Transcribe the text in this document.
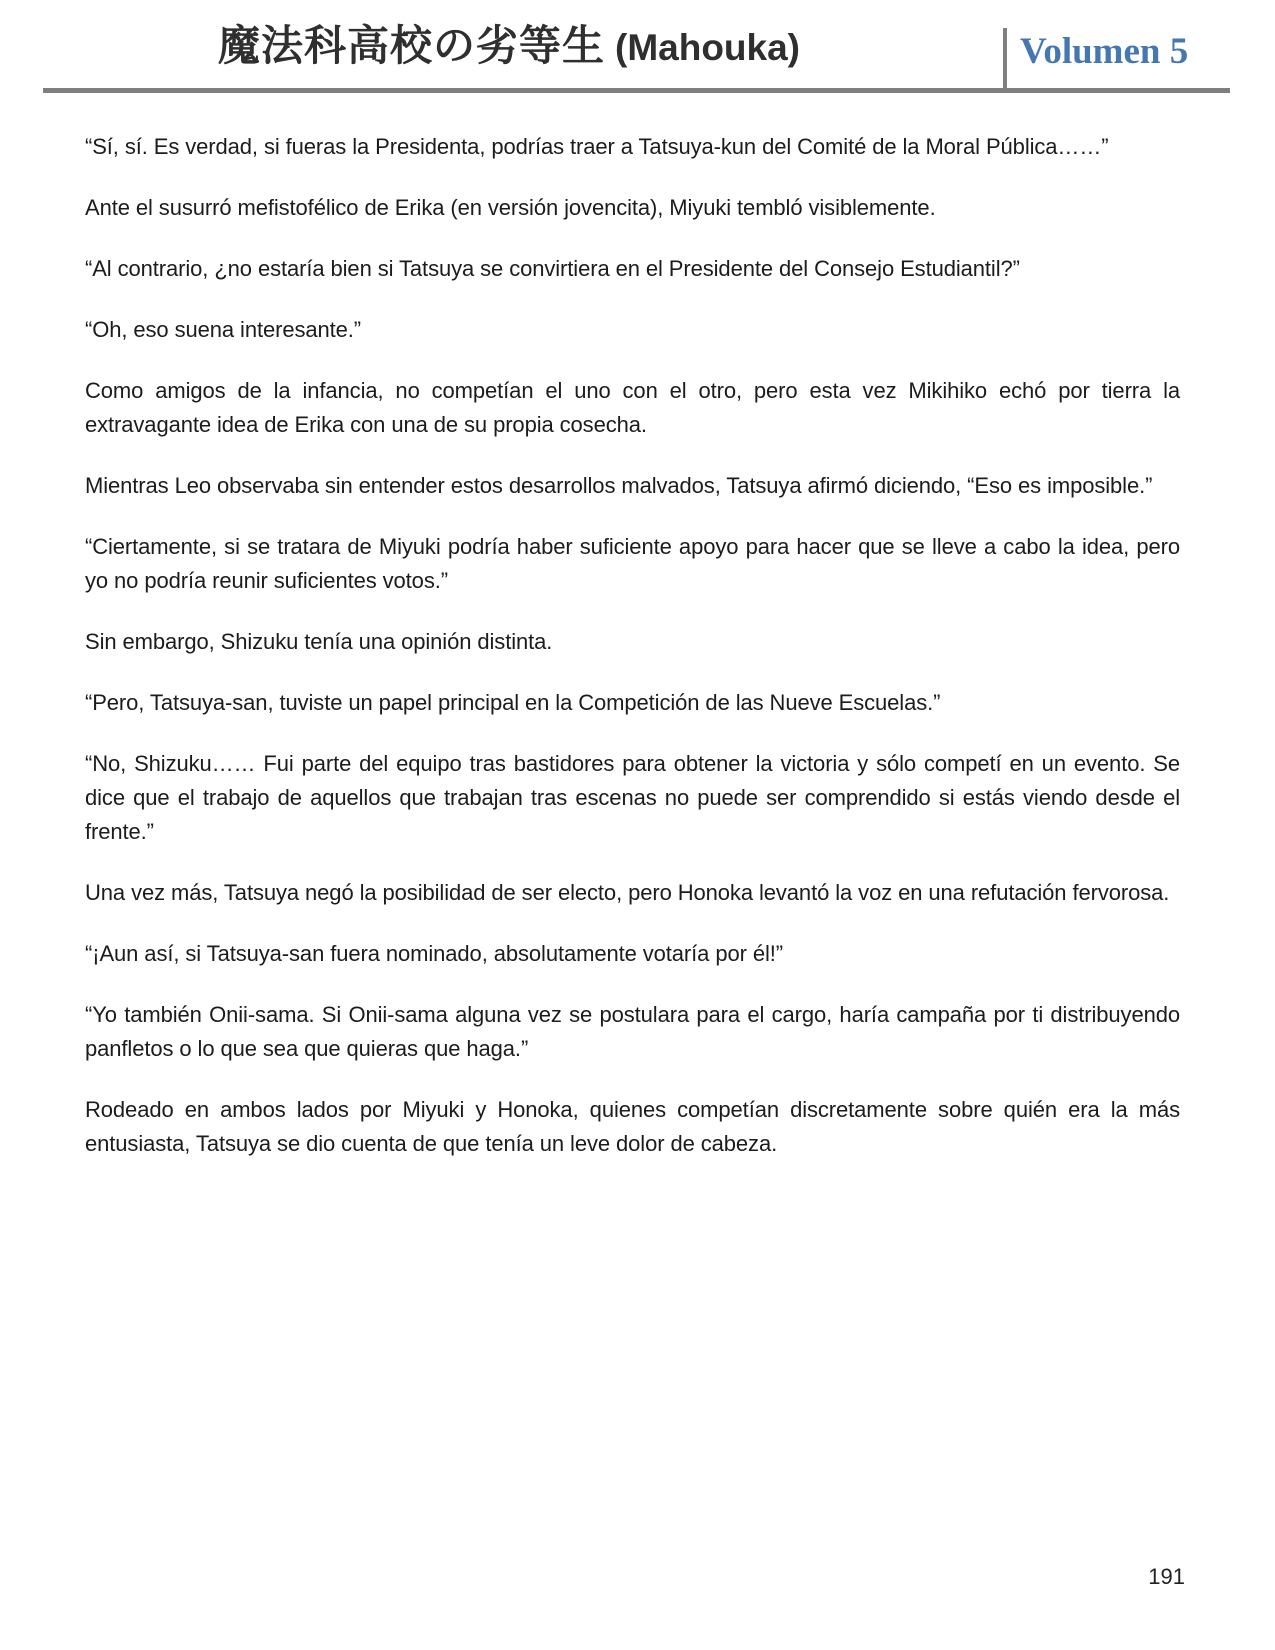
魔法科高校の劣等生 (Mahouka)	Volumen 5

“Sí, sí. Es verdad, si fueras la Presidenta, podrías traer a Tatsuya-kun del Comité de la Moral Pública……”

Ante el susurró mefistofélico de Erika (en versión jovencita), Miyuki tembló visiblemente.

“Al contrario, ¿no estaría bien si Tatsuya se convirtiera en el Presidente del Consejo Estudiantil?”

“Oh, eso suena interesante.”

Como amigos de la infancia, no competían el uno con el otro, pero esta vez Mikihiko echó por tierra la extravagante idea de Erika con una de su propia cosecha.

Mientras Leo observaba sin entender estos desarrollos malvados, Tatsuya afirmó diciendo, “Eso es imposible.”

“Ciertamente, si se tratara de Miyuki podría haber suficiente apoyo para hacer que se lleve a cabo la idea, pero yo no podría reunir suficientes votos.”

Sin embargo, Shizuku tenía una opinión distinta.

“Pero, Tatsuya-san, tuviste un papel principal en la Competición de las Nueve Escuelas.”

“No, Shizuku…… Fui parte del equipo tras bastidores para obtener la victoria y sólo competí en un evento. Se dice que el trabajo de aquellos que trabajan tras escenas no puede ser comprendido si estás viendo desde el frente.”

Una vez más, Tatsuya negó la posibilidad de ser electo, pero Honoka levantó la voz en una refutación fervorosa.

“¡Aun así, si Tatsuya-san fuera nominado, absolutamente votaría por él!”

“Yo también Onii-sama. Si Onii-sama alguna vez se postulara para el cargo, haría campaña por ti distribuyendo panfletos o lo que sea que quieras que haga.”

Rodeado en ambos lados por Miyuki y Honoka, quienes competían discretamente sobre quién era la más entusiasta, Tatsuya se dio cuenta de que tenía un leve dolor de cabeza.

191
